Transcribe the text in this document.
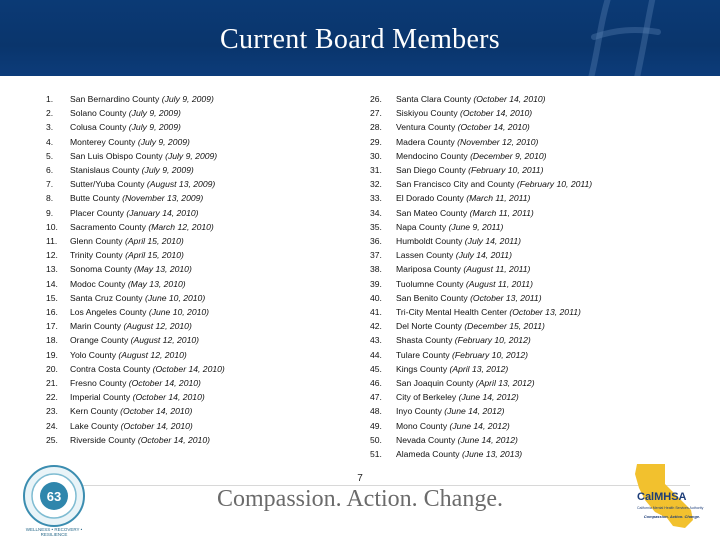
Current Board Members
1. San Bernardino County (July 9, 2009)
2. Solano County (July 9, 2009)
3. Colusa County (July 9, 2009)
4. Monterey County (July 9, 2009)
5. San Luis Obispo County (July 9, 2009)
6. Stanislaus County (July 9, 2009)
7. Sutter/Yuba County (August 13, 2009)
8. Butte County (November 13, 2009)
9. Placer County (January 14, 2010)
10. Sacramento County (March 12, 2010)
11. Glenn County (April 15, 2010)
12. Trinity County (April 15, 2010)
13. Sonoma County (May 13, 2010)
14. Modoc County (May 13, 2010)
15. Santa Cruz County (June 10, 2010)
16. Los Angeles County (June 10, 2010)
17. Marin County (August 12, 2010)
18. Orange County (August 12, 2010)
19. Yolo County (August 12, 2010)
20. Contra Costa County (October 14, 2010)
21. Fresno County (October 14, 2010)
22. Imperial County (October 14, 2010)
23. Kern County (October 14, 2010)
24. Lake County (October 14, 2010)
25. Riverside County (October 14, 2010)
26. Santa Clara County (October 14, 2010)
27. Siskiyou County (October 14, 2010)
28. Ventura County (October 14, 2010)
29. Madera County (November 12, 2010)
30. Mendocino County (December 9, 2010)
31. San Diego County (February 10, 2011)
32. San Francisco City and County (February 10, 2011)
33. El Dorado County (March 11, 2011)
34. San Mateo County (March 11, 2011)
35. Napa County (June 9, 2011)
36. Humboldt County (July 14, 2011)
37. Lassen County (July 14, 2011)
38. Mariposa County (August 11, 2011)
39. Tuolumne County (August 11, 2011)
40. San Benito County (October 13, 2011)
41. Tri-City Mental Health Center (October 13, 2011)
42. Del Norte County (December 15, 2011)
43. Shasta County (February 10, 2012)
44. Tulare County (February 10, 2012)
45. Kings County (April 13, 2012)
46. San Joaquin County (April 13, 2012)
47. City of Berkeley (June 14, 2012)
48. Inyo County (June 14, 2012)
49. Mono County (June 14, 2012)
50. Nevada County (June 14, 2012)
51. Alameda County (June 13, 2013)
7
Compassion. Action. Change.
63
WELLNESS • RECOVERY • RESILIENCE
CalMHSA
California Mental Health Services Authority
Compassion. Action. Change.
